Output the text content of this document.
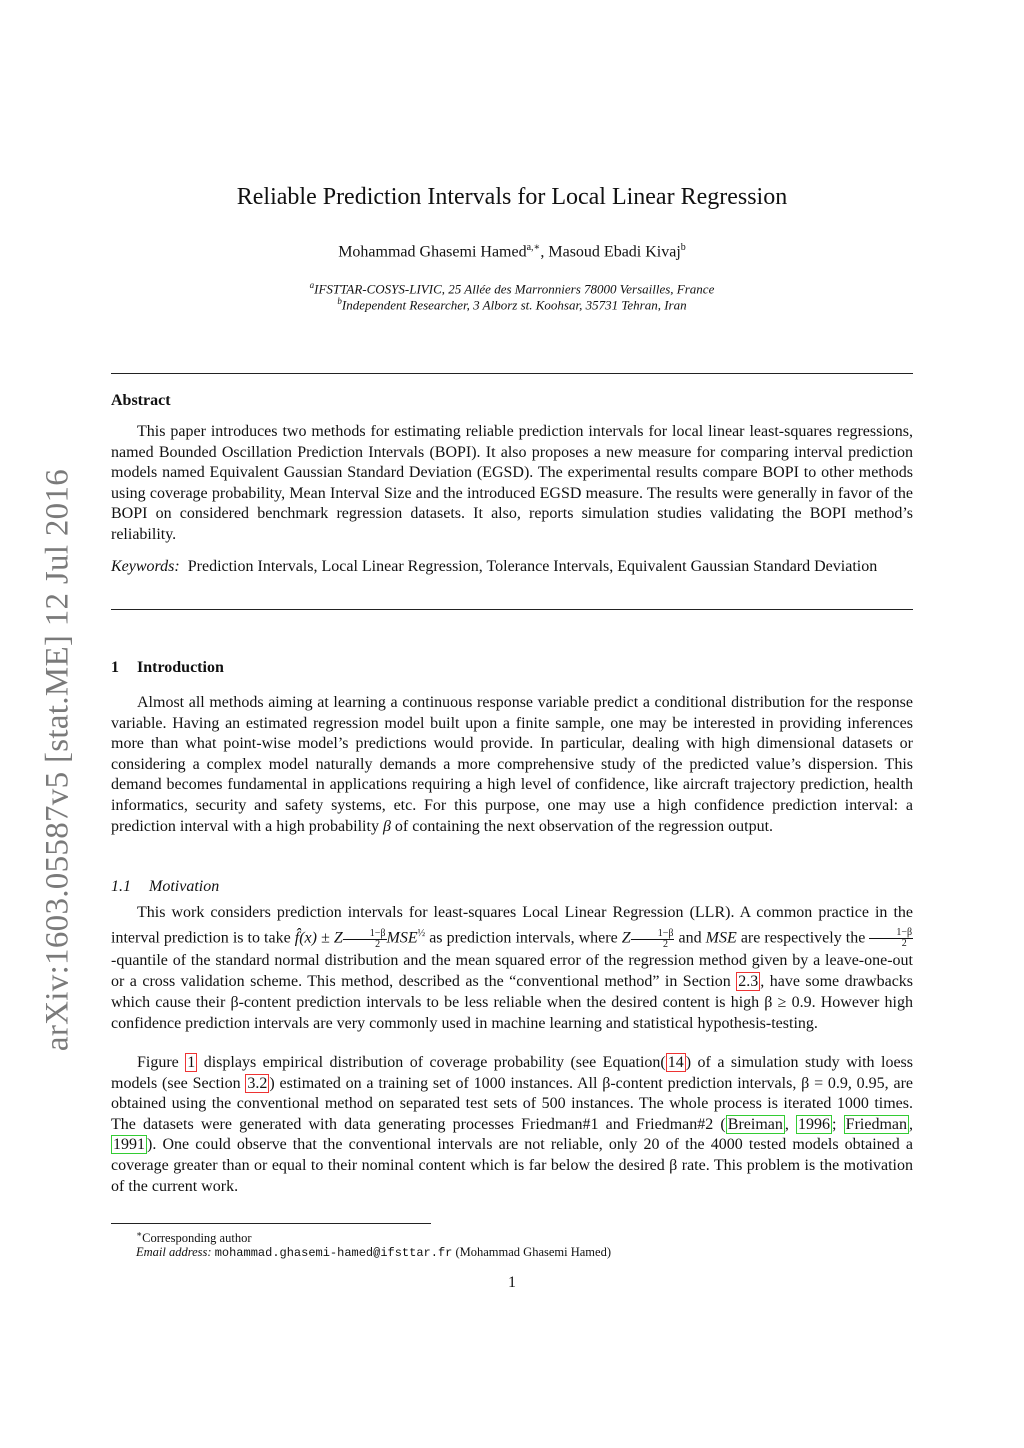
arXiv:1603.05587v5 [stat.ME] 12 Jul 2016
Reliable Prediction Intervals for Local Linear Regression
Mohammad Ghasemi Hamed$^{a,∗}$, Masoud Ebadi Kivaj$^b$
$^a$IFSTTAR-COSYS-LIVIC, 25 Allée des Marronniers 78000 Versailles, France
$^b$Independent Researcher, 3 Alborz st. Koohsar, 35731 Tehran, Iran
Abstract
This paper introduces two methods for estimating reliable prediction intervals for local linear least-squares regressions, named Bounded Oscillation Prediction Intervals (BOPI). It also proposes a new measure for comparing interval prediction models named Equivalent Gaussian Standard Deviation (EGSD). The experimental results compare BOPI to other methods using coverage probability, Mean Interval Size and the introduced EGSD measure. The results were generally in favor of the BOPI on considered benchmark regression datasets. It also, reports simulation studies validating the BOPI method’s reliability.
Keywords: Prediction Intervals, Local Linear Regression, Tolerance Intervals, Equivalent Gaussian Standard Deviation
1 Introduction
Almost all methods aiming at learning a continuous response variable predict a conditional distribution for the response variable. Having an estimated regression model built upon a finite sample, one may be interested in providing inferences more than what point-wise model’s predictions would provide. In particular, dealing with high dimensional datasets or considering a complex model naturally demands a more comprehensive study of the predicted value’s dispersion. This demand becomes fundamental in applications requiring a high level of confidence, like aircraft trajectory prediction, health informatics, security and safety systems, etc. For this purpose, one may use a high confidence prediction interval: a prediction interval with a high probability β of containing the next observation of the regression output.
1.1 Motivation
This work considers prediction intervals for least-squares Local Linear Regression (LLR). A common practice in the interval prediction is to take f̂(x) ± Z $\frac{1-\beta}{2} MSE^{\frac{1}{2}}$ as prediction intervals, where Z $\frac{1-\beta}{2}$ and MSE are respectively the $\frac{1-\beta}{2}$
-quantile of the standard normal distribution and the mean squared error of the regression method given by a leave-one-out or a cross validation scheme. This method, described as the “conventional method” in Section 2.3 , have some drawbacks which cause their β-content prediction intervals to be less reliable when the desired content is high β ≥ 0.9. However high confidence prediction intervals are very commonly used in machine learning and statistical hypothesis-testing.
Figure 1 displays empirical distribution of coverage probability (see Equation( 14 ) of a simulation study with loess models (see Section 3.2 ) estimated on a training set of 1000 instances. All β-content prediction intervals, β = 0.9, 0.95, are obtained using the conventional method on separated test sets of 500 instances. The whole process is iterated 1000 times. The datasets were generated with data generating processes Friedman#1 and Friedman#2 ( Breiman , 1996 ; Friedman , 1991 ). One could observe that the conventional intervals are not reliable, only 20 of the 4000 tested models obtained a coverage greater than or equal to their nominal content which is far below the desired β rate. This problem is the motivation of the current work.
∗Corresponding author
Email address: mohammad.ghasemi-hamed@ifsttar.fr (Mohammad Ghasemi Hamed)
1
